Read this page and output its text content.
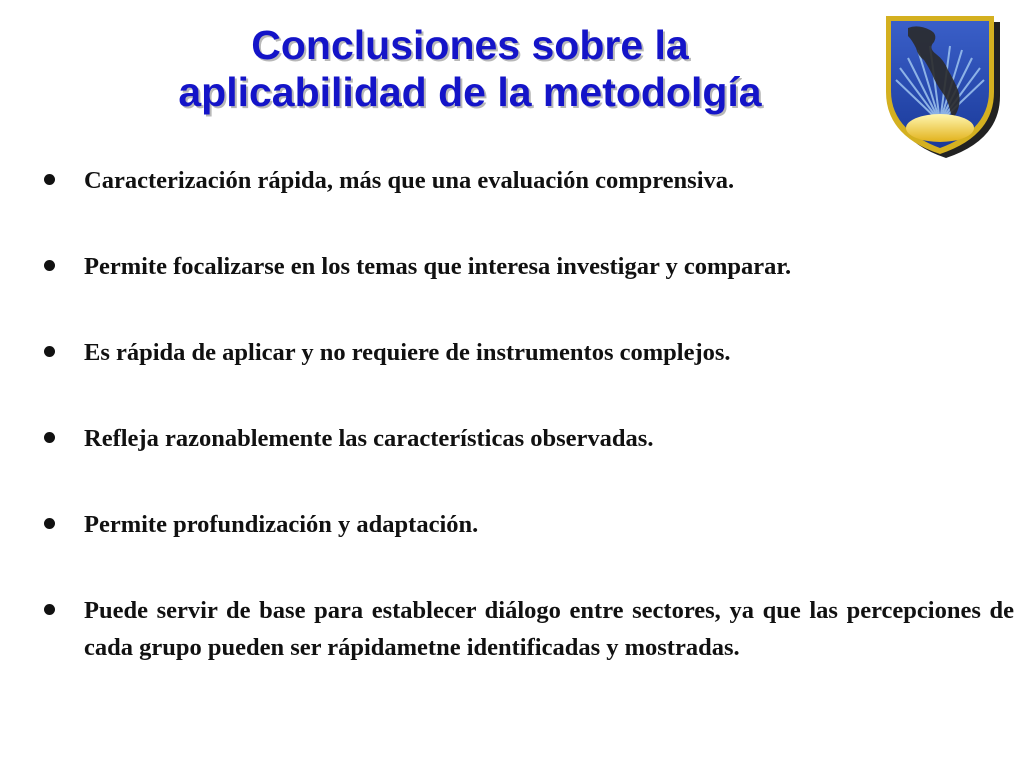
Conclusiones sobre la
aplicabilidad de la metodolgía
Caracterización rápida, más que una evaluación comprensiva.
Permite focalizarse en los temas que interesa investigar y comparar.
Es rápida de aplicar y no requiere de instrumentos complejos.
Refleja razonablemente las características observadas.
Permite profundización y adaptación.
Puede servir de base para establecer diálogo entre sectores, ya que las percepciones de cada grupo pueden ser rápidametne identificadas y mostradas.
